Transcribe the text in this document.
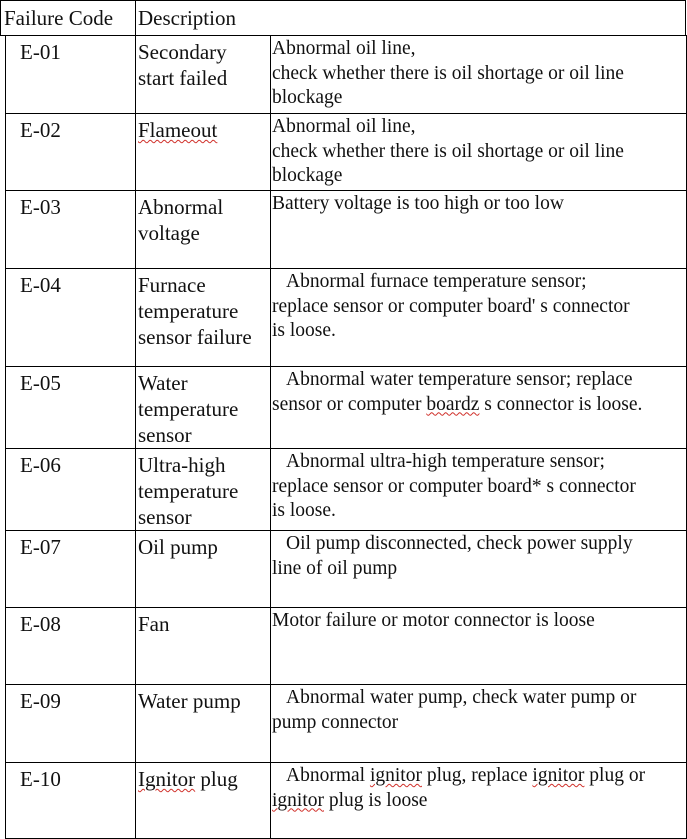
Failure Code Description
E-01	Secondary
start failed	Abnormal oil line,
check whether there is oil shortage or oil line
blockage

E-02	Flameout	Abnormal oil line,
check whether there is oil shortage or oil line
blockage

E-03	Abnormal
voltage	Battery voltage is too high or too low

E-04	Furnace
temperature
sensor failure	Abnormal furnace temperature sensor;
replace sensor or computer board' s connector
is loose.

E-05	Water
temperature
sensor	Abnormal water temperature sensor; replace
sensor or computer boardz s connector is loose.

E-06	Ultra-high
temperature
sensor	Abnormal ultra-high temperature sensor;
replace sensor or computer board* s connector
is loose.

E-07	Oil pump	Oil pump disconnected, check power supply
line of oil pump

E-08	Fan	Motor failure or motor connector is loose

E-09	Water pump	Abnormal water pump, check water pump or
pump connector

E-10	Ignitor plug	Abnormal ignitor plug, replace ignitor plug or
ignitor plug is loose
